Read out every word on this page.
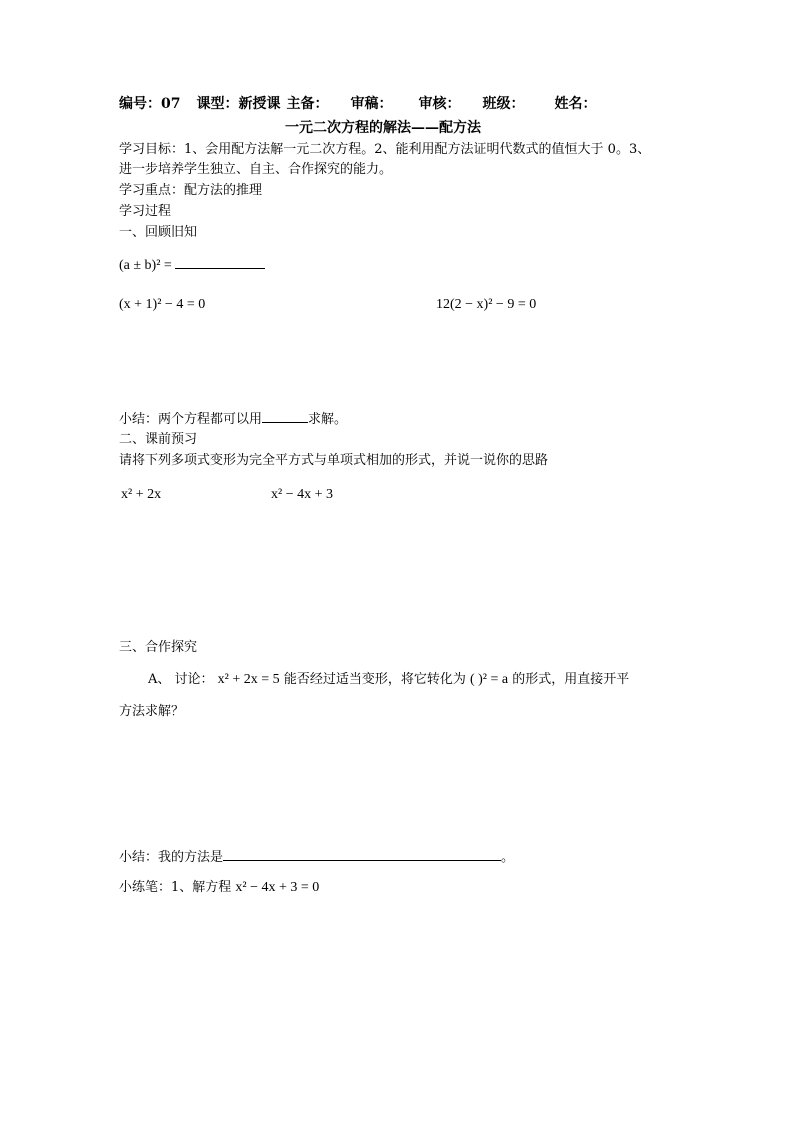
编号：07 课型：新授课 主备： 审稿： 审核： 班级： 姓名：
一元二次方程的解法——配方法
学习目标：1、会用配方法解一元二次方程。2、能利用配方法证明代数式的值恒大于 0。3、
进一步培养学生独立、自主、合作探究的能力。
学习重点：配方法的推理
学习过程
一、回顾旧知
(a ± b)² =
(x + 1)² − 4 = 0	12(2 − x)² − 9 = 0
小结：两个方程都可以用	求解。
二、课前预习
请将下列多项式变形为完全平方式与单项式相加的形式，并说一说你的思路
x² + 2x	x² − 4x + 3
三、合作探究
A、 讨论： x² + 2x = 5 能否经过适当变形，将它转化为 ( )² = a 的形式，用直接开平
方法求解？
小结：我的方法是	。
小练笔：1、解方程 x² − 4x + 3 = 0
